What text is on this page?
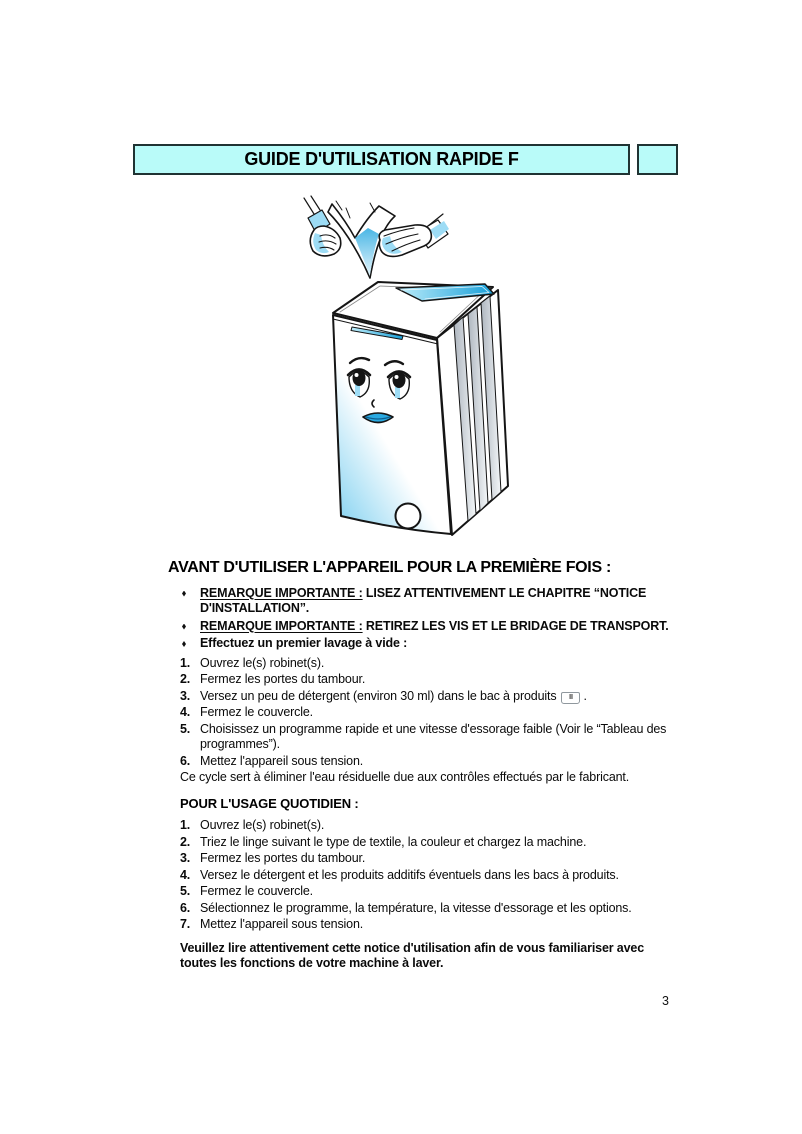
GUIDE D'UTILISATION RAPIDE F
AVANT D'UTILISER L'APPAREIL POUR LA PREMIÈRE FOIS :
REMARQUE IMPORTANTE : LISEZ ATTENTIVEMENT LE CHAPITRE “NOTICE D'INSTALLATION”.
REMARQUE IMPORTANTE : RETIREZ LES VIS ET LE BRIDAGE DE TRANSPORT.
Effectuez un premier lavage à vide :
1. Ouvrez le(s) robinet(s).
2. Fermez les portes du tambour.
3. Versez un peu de détergent (environ 30 ml) dans le bac à produits II .
4. Fermez le couvercle.
5. Choisissez un programme rapide et une vitesse d'essorage faible (Voir le “Tableau des programmes”).
6. Mettez l'appareil sous tension.
Ce cycle sert à éliminer l'eau résiduelle due aux contrôles effectués par le fabricant.
POUR L'USAGE QUOTIDIEN :
1. Ouvrez le(s) robinet(s).
2. Triez le linge suivant le type de textile, la couleur et chargez la machine.
3. Fermez les portes du tambour.
4. Versez le détergent et les produits additifs éventuels dans les bacs à produits.
5. Fermez le couvercle.
6. Sélectionnez le programme, la température, la vitesse d'essorage et les options.
7. Mettez l'appareil sous tension.
Veuillez lire attentivement cette notice d'utilisation afin de vous familiariser avec toutes les fonctions de votre machine à laver.
3
